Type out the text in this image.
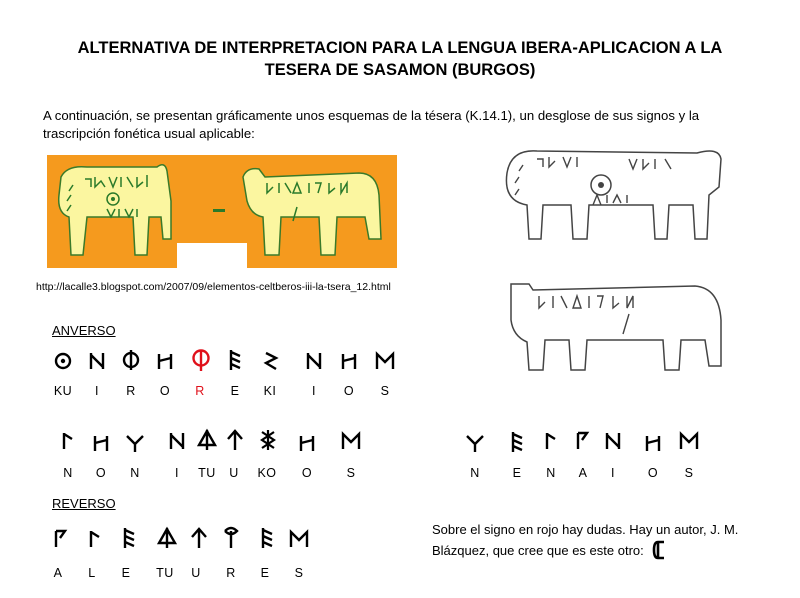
ALTERNATIVA DE INTERPRETACION PARA LA LENGUA IBERA-APLICACION A LA
TESERA DE SASAMON (BURGOS)
A continuación, se presentan gráficamente unos esquemas de la tésera (K.14.1), un desglose de sus signos y la
trascripción fonética usual aplicable:
http://lacalle3.blogspot.com/2007/09/elementos-celtberos-iii-la-tsera_12.html
ANVERSO
REVERSO
KU	I	R	O	R	E	KI	I	O	S
N	O	N	I	TU	U	KO	O	S	N	E	N	A	I	O	S
A	L	E	TU	U	R	E	S
Sobre el signo en rojo hay dudas. Hay un autor, J. M.
Blázquez, que cree que es este otro:
